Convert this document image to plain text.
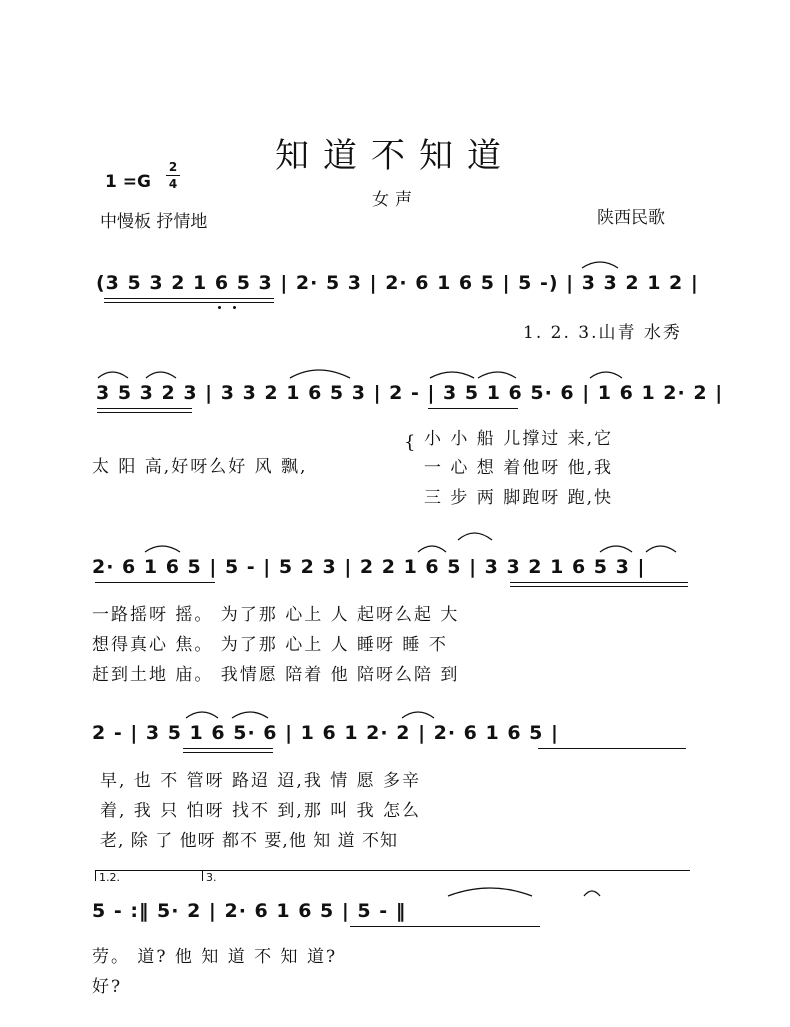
知道不知道
女声
1 =G
2
4
中慢板 抒情地	陕西民歌
(3 5 3 2 1 6 5 3 | 2· 5 3 | 2· 6 1 6 5 | 5 -) | 3 3 2 1 2 |
1. 2. 3.山青 水秀
3 5 3 2 3 | 3 3 2 1 6 5 3 | 2 - | 3 5 1 6 5· 6 | 1 6 1 2· 2 |
太 阳 高,好呀么好 风 飘,
{ 小 小 船 儿撑过 来,它
一 心 想 着他呀 他,我
三 步 两 脚跑呀 跑,快
2· 6 1 6 5 | 5 - | 5 2 3 | 2 2 1 6 5 | 3 3 2 1 6 5 3 |
一路摇呀 摇。 为了那 心上 人 起呀么起 大
想得真心 焦。 为了那 心上 人 睡呀 睡 不
赶到土地 庙。 我情愿 陪着 他 陪呀么陪 到
2 - | 3 5 1 6 5· 6 | 1 6 1 2· 2 | 2· 6 1 6 5 |
早, 也 不 管呀 路迢 迢,我 情 愿 多辛
着, 我 只 怕呀 找不 到,那 叫 我 怎么
老, 除 了 他呀 都不 要,他 知 道 不知
1.2.	3.
5 - :‖ 5· 2 | 2· 6 1 6 5 | 5 - ‖
劳。 道? 他 知 道 不 知 道?
好?
